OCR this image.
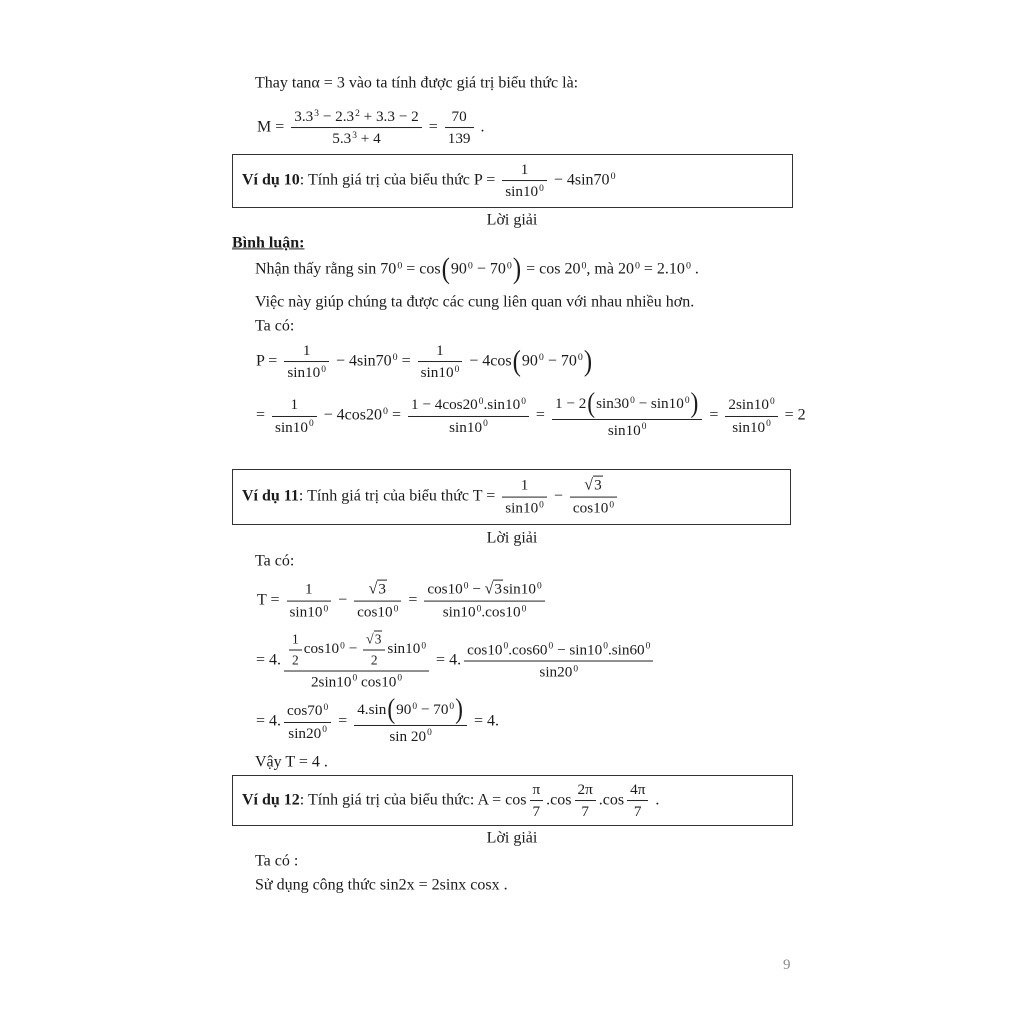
Thay tanα = 3 vào ta tính được giá trị biểu thức là:
$M = \frac{3.3^3 - 2.3^2 + 3.3 - 2}{5.3^3 + 4} = \frac{70}{139}$ .
Ví dụ 10: Tính giá trị của biểu thức $P = \frac{1}{\sin 10^0} - 4\sin 70^0$
Lời giải
Bình luận:
Nhận thấy rằng $\sin 70^0 = \cos(90^0 - 70^0) = \cos 20^0$, mà $20^0 = 2.10^0$ .
Việc này giúp chúng ta được các cung liên quan với nhau nhiều hơn.
Ta có:
$P = \frac{1}{\sin 10^0} - 4\sin 70^0 = \frac{1}{\sin 10^0} - 4\cos(90^0 - 70^0)$
= $\frac{1}{\sin 10^0} - 4\cos 20^0 = \frac{1 - 4\cos 20^0.\sin 10^0}{\sin 10^0} = \frac{1 - 2(\sin 30^0 - \sin 10^0)}{\sin 10^0} = \frac{2\sin 10^0}{\sin 10^0} = 2$
Ví dụ 11: Tính giá trị của biểu thức $T = \frac{1}{\sin 10^0} - \frac{√3}{\cos 10^0}$
Lời giải
Ta có:
$T = \frac{1}{\sin 10^0} - \frac{√3}{\cos 10^0} = \frac{\cos 10^0 - √3\sin 10^0}{\sin 10^0.\cos 10^0}$
= 4. $\frac{\frac{1}{2} \cos 10^0 - \frac{√3}{2} \sin 10^0}{2\sin 10^0 \cos 10^0} = 4$. $\frac{\cos 10^0.\cos 60^0 - \sin 10^0.\sin 60^0}{\sin 20^0}$
= 4. $\frac{\cos 70^0}{\sin 20^0} = \frac{4.\sin(90^0 - 70^0)}{\sin 20^0} = 4$.
Vậy T = 4 .
Ví dụ 12: Tính giá trị của biểu thức: $A = \cos \frac{\pi}{7} .\cos \frac{2\pi}{7} .\cos \frac{4\pi}{7}$ .
Lời giải
Ta có :
Sử dụng công thức sin2x = 2sinx cosx .
9
